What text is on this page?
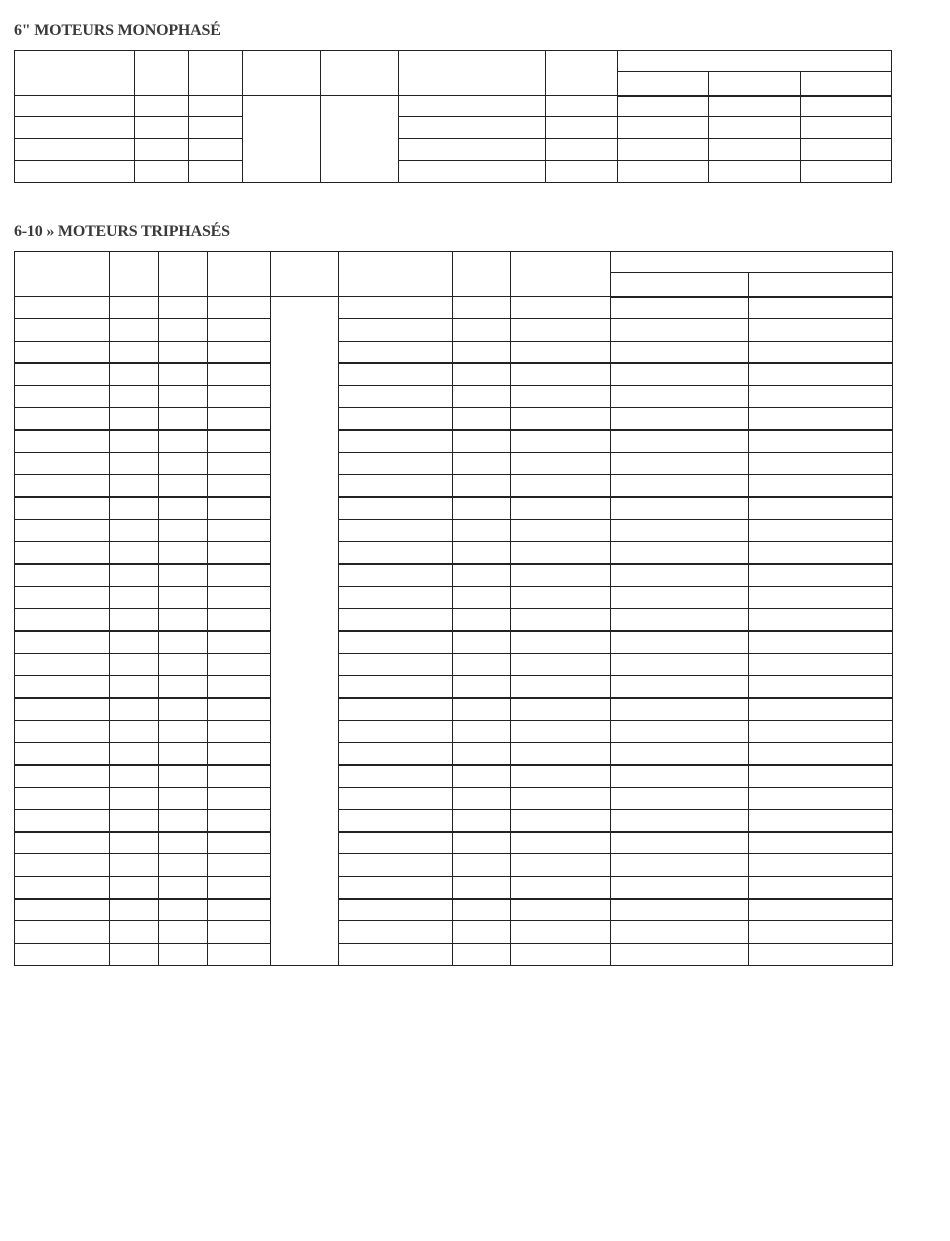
6" MOTEURS MONOPHASÉ

6-10 » MOTEURS TRIPHASÉS
